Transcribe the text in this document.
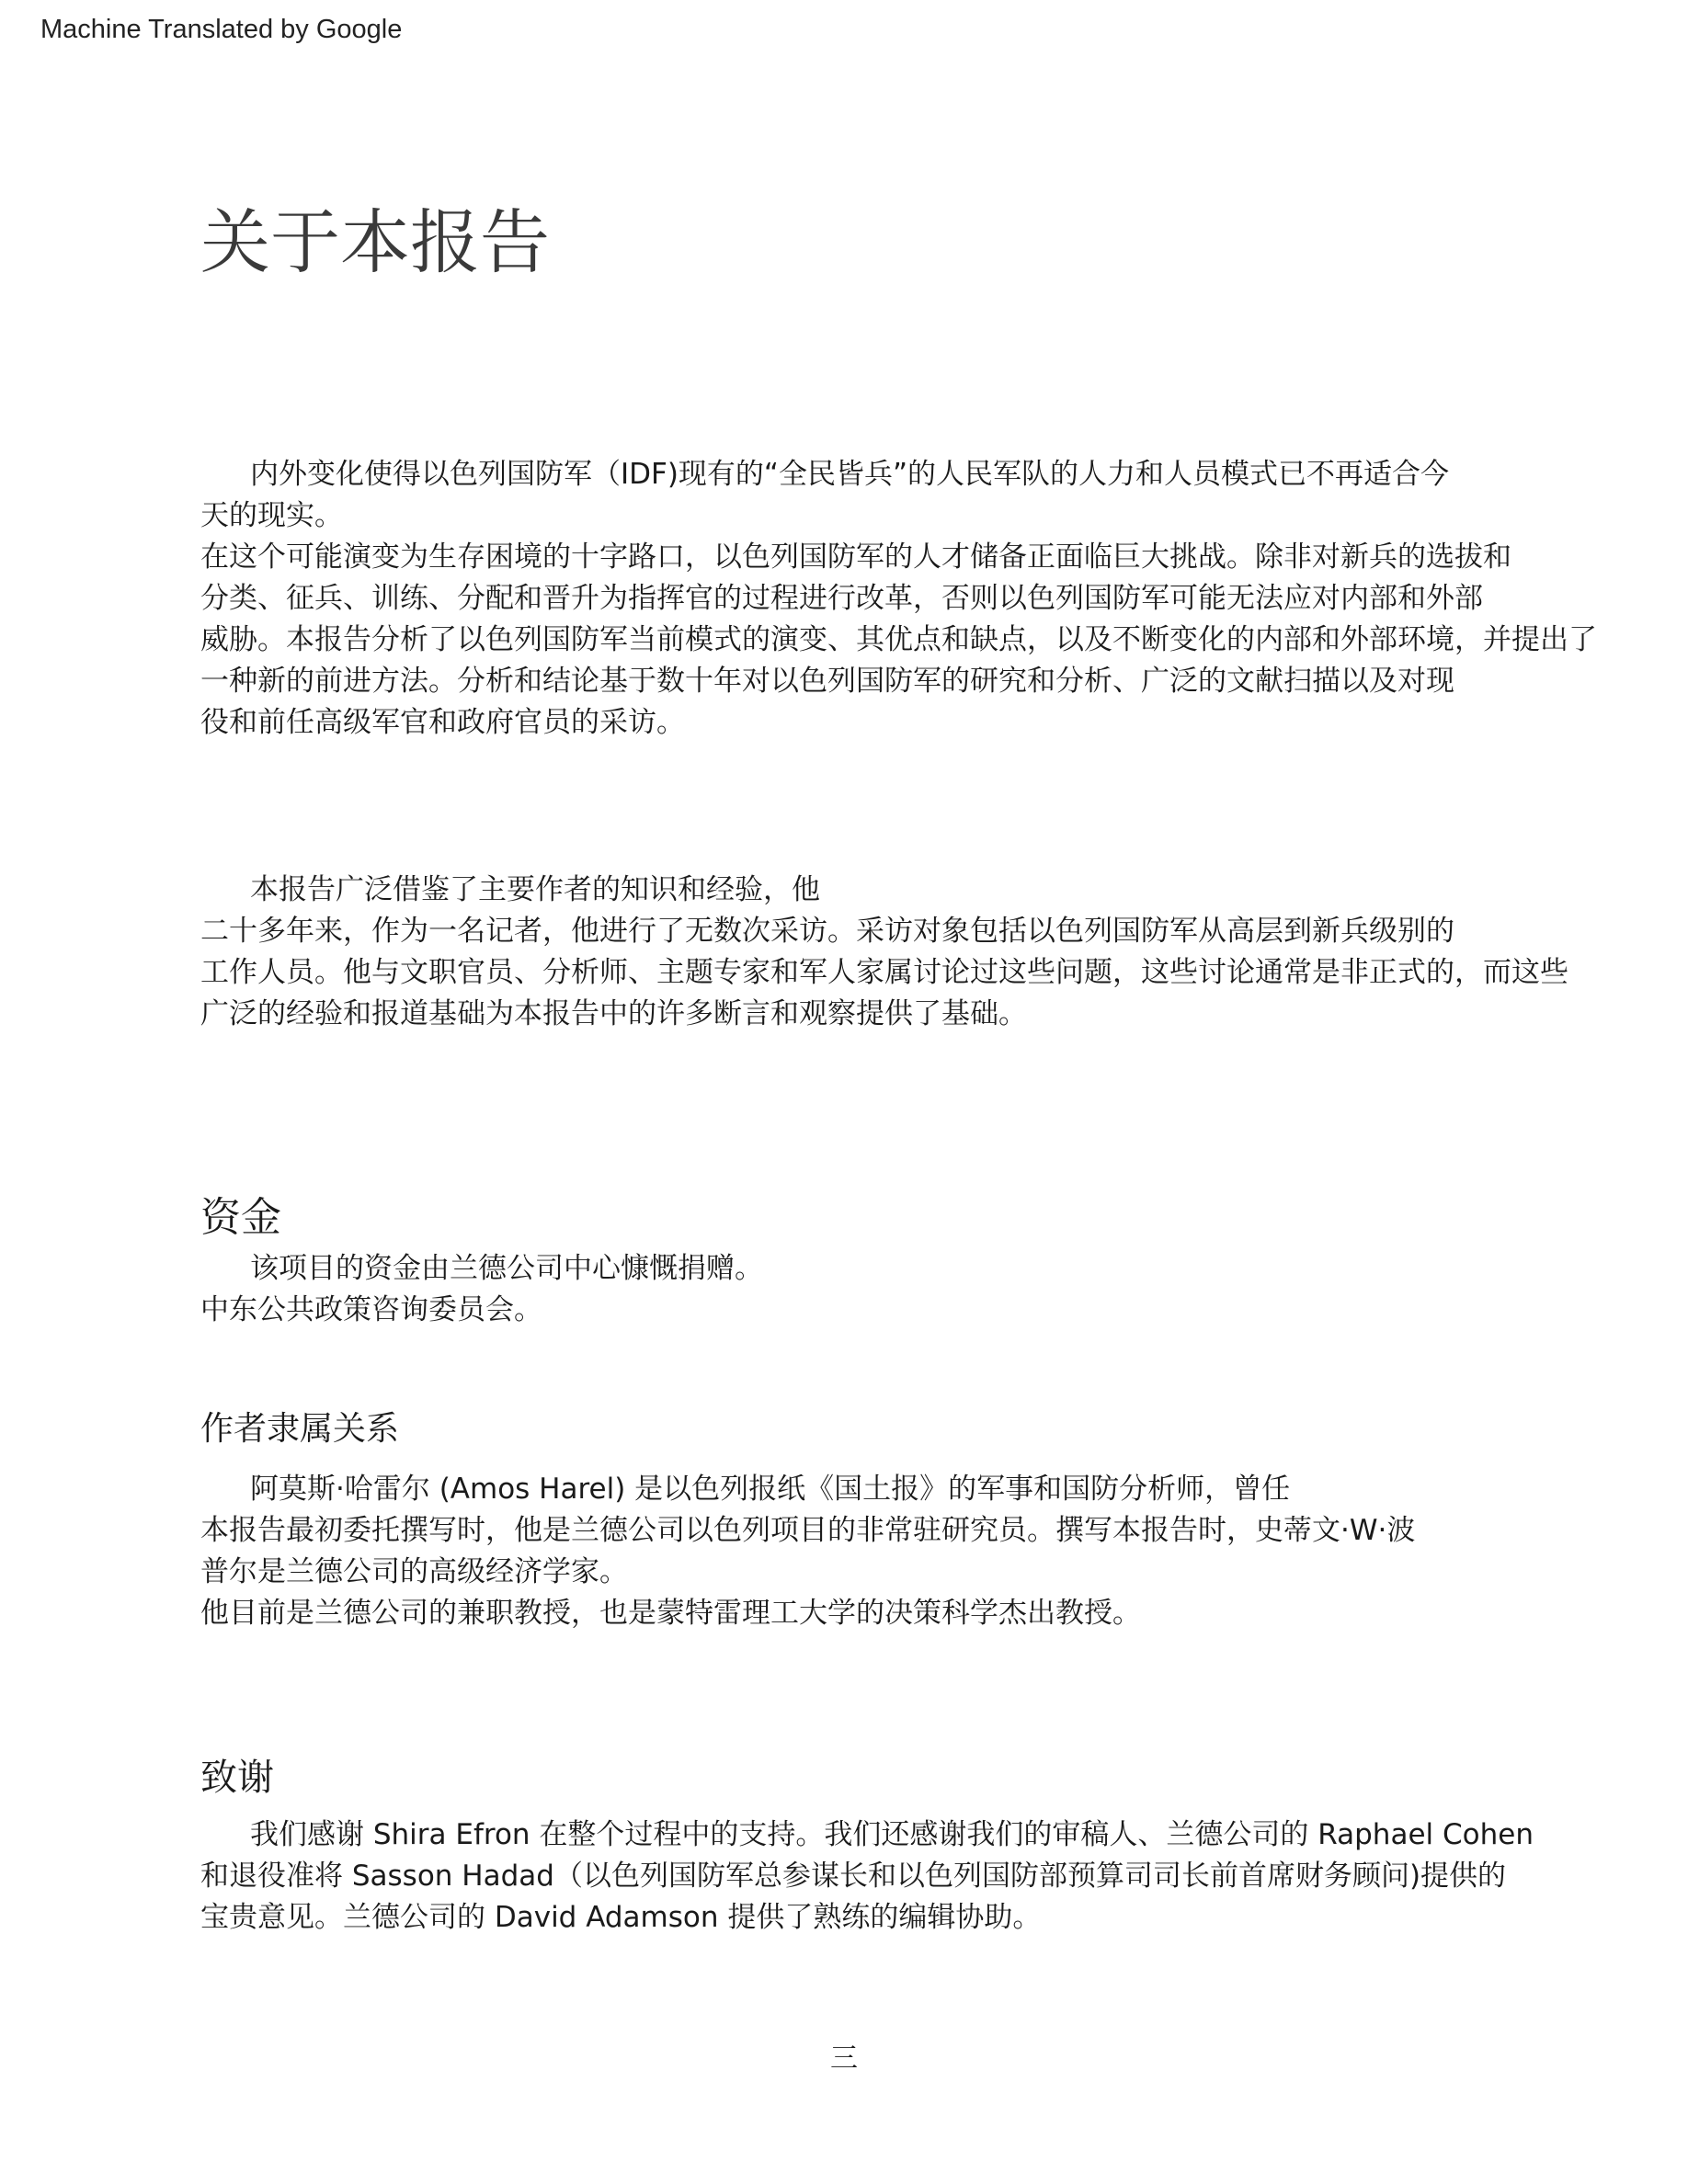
Machine Translated by Google
关于本报告
内外变化使得以色列国防军（IDF)现有的“全民皆兵”的人民军队的人力和人员模式已不再适合今
天的现实。
在这个可能演变为生存困境的十字路口，以色列国防军的人才储备正面临巨大挑战。除非对新兵的选拔和
分类、征兵、训练、分配和晋升为指挥官的过程进行改革，否则以色列国防军可能无法应对内部和外部
威胁。本报告分析了以色列国防军当前模式的演变、其优点和缺点，以及不断变化的内部和外部环境，并提出了
一种新的前进方法。分析和结论基于数十年对以色列国防军的研究和分析、广泛的文献扫描以及对现
役和前任高级军官和政府官员的采访。
本报告广泛借鉴了主要作者的知识和经验，他
二十多年来，作为一名记者，他进行了无数次采访。采访对象包括以色列国防军从高层到新兵级别的
工作人员。他与文职官员、分析师、主题专家和军人家属讨论过这些问题，这些讨论通常是非正式的，而这些
广泛的经验和报道基础为本报告中的许多断言和观察提供了基础。
资金
该项目的资金由兰德公司中心慷慨捐赠。
中东公共政策咨询委员会。
作者隶属关系
阿莫斯·哈雷尔 (Amos Harel) 是以色列报纸《国土报》的军事和国防分析师，曾任
本报告最初委托撰写时，他是兰德公司以色列项目的非常驻研究员。撰写本报告时，史蒂文·W·波
普尔是兰德公司的高级经济学家。
他目前是兰德公司的兼职教授，也是蒙特雷理工大学的决策科学杰出教授。
致谢
我们感谢 Shira Efron 在整个过程中的支持。我们还感谢我们的审稿人、兰德公司的 Raphael Cohen
和退役准将 Sasson Hadad（以色列国防军总参谋长和以色列国防部预算司司长前首席财务顾问)提供的
宝贵意见。兰德公司的 David Adamson 提供了熟练的编辑协助。
三
